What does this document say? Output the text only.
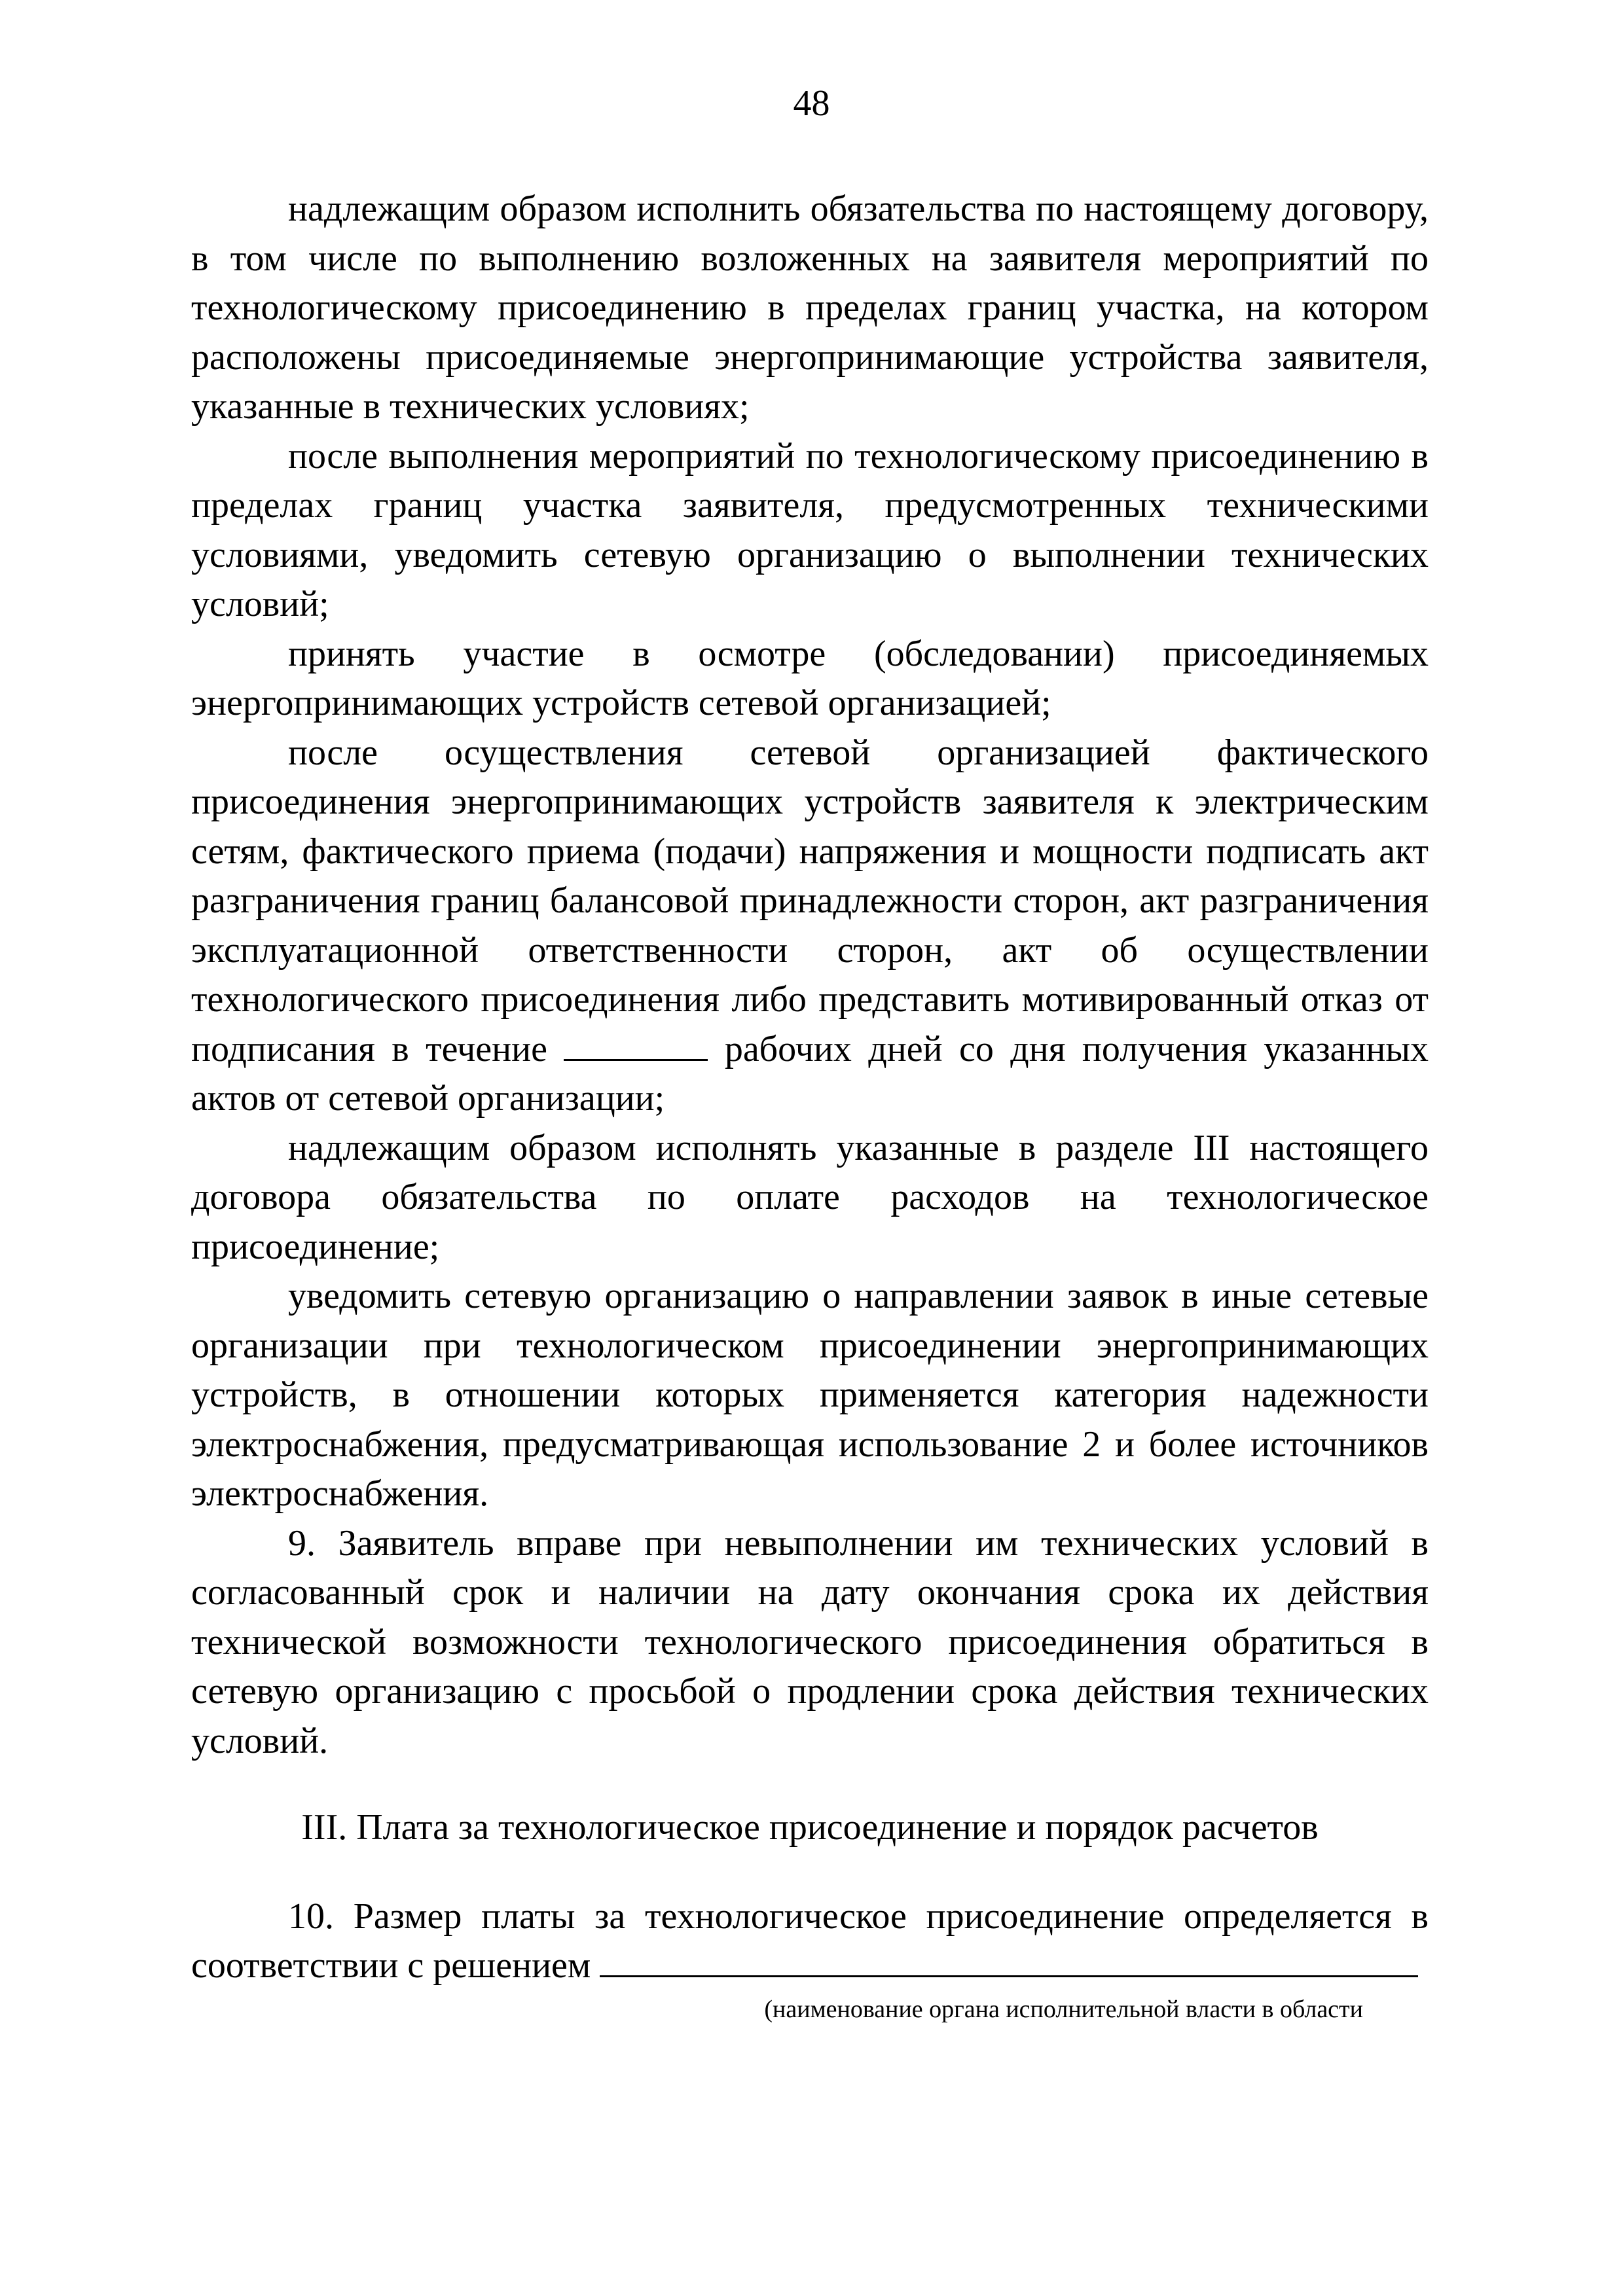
48

надлежащим образом исполнить обязательства по настоящему договору, в том числе по выполнению возложенных на заявителя мероприятий по технологическому присоединению в пределах границ участка, на котором расположены присоединяемые энергопринимающие устройства заявителя, указанные в технических условиях;

после выполнения мероприятий по технологическому присоединению в пределах границ участка заявителя, предусмотренных техническими условиями, уведомить сетевую организацию о выполнении технических условий;

принять участие в осмотре (обследовании) присоединяемых энергопринимающих устройств сетевой организацией;

после осуществления сетевой организацией фактического присоединения энергопринимающих устройств заявителя к электрическим сетям, фактического приема (подачи) напряжения и мощности подписать акт разграничения границ балансовой принадлежности сторон, акт разграничения эксплуатационной ответственности сторон, акт об осуществлении технологического присоединения либо представить мотивированный отказ от подписания в течение	рабочих дней со дня получения указанных актов от сетевой организации;

надлежащим образом исполнять указанные в разделе III настоящего договора обязательства по оплате расходов на технологическое присоединение;

уведомить сетевую организацию о направлении заявок в иные сетевые организации при технологическом присоединении энергопринимающих устройств, в отношении которых применяется категория надежности электроснабжения, предусматривающая использование 2 и более источников электроснабжения.

9. Заявитель вправе при невыполнении им технических условий в согласованный срок и наличии на дату окончания срока их действия технической возможности технологического присоединения обратиться в сетевую организацию с просьбой о продлении срока действия технических условий.

III. Плата за технологическое присоединение и порядок расчетов

10. Размер платы за технологическое присоединение определяется в соответствии с решением

(наименование органа исполнительной власти в области
